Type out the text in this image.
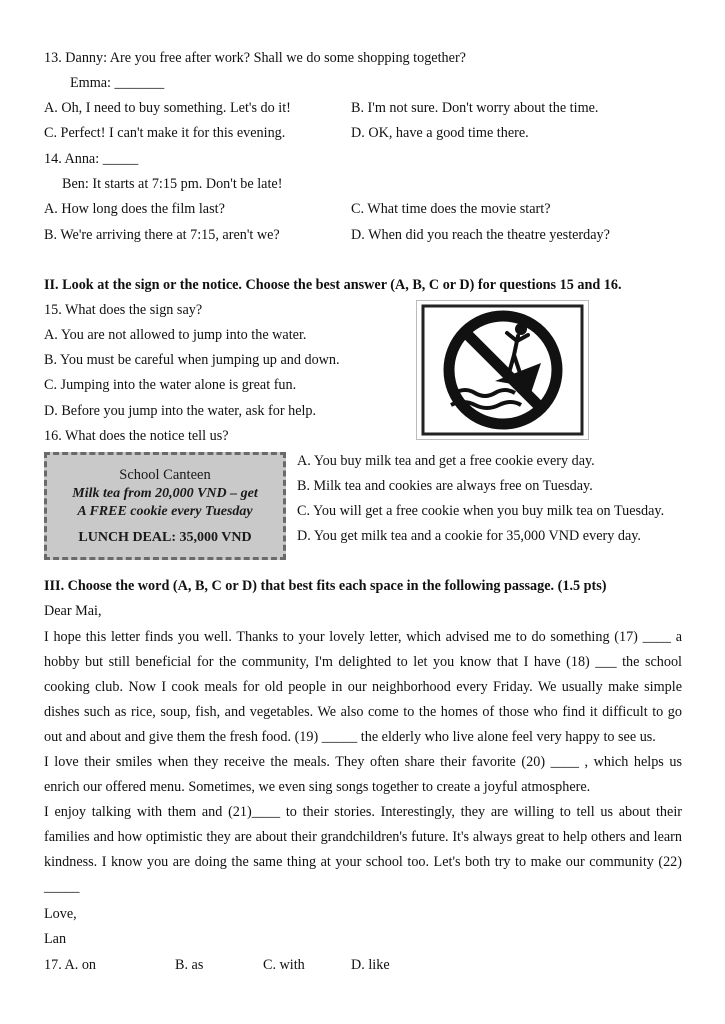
13. Danny: Are you free after work? Shall we do some shopping together?
Emma: _______
A. Oh, I need to buy something. Let's do it!	B. I'm not sure. Don't worry about the time.
C. Perfect! I can't make it for this evening.	D. OK, have a good time there.
14. Anna: _____
Ben: It starts at 7:15 pm. Don't be late!
A. How long does the film last?	C. What time does the movie start?
B. We're arriving there at 7:15, aren't we?	D. When did you reach the theatre yesterday?
II. Look at the sign or the notice. Choose the best answer (A, B, C or D) for questions 15 and 16.
15. What does the sign say?
A. You are not allowed to jump into the water.
B. You must be careful when jumping up and down.
C. Jumping into the water alone is great fun.
D. Before you jump into the water, ask for help.
16. What does the notice tell us?
School Canteen
Milk tea from 20,000 VND – get
A FREE cookie every Tuesday
LUNCH DEAL: 35,000 VND
A. You buy milk tea and get a free cookie every day.
B. Milk tea and cookies are always free on Tuesday.
C. You will get a free cookie when you buy milk tea on Tuesday.
D. You get milk tea and a cookie for 35,000 VND every day.
III. Choose the word (A, B, C or D) that best fits each space in the following passage. (1.5 pts)
Dear Mai,
I hope this letter finds you well. Thanks to your lovely letter, which advised me to do something (17) ____ a hobby but still beneficial for the community, I'm delighted to let you know that I have (18) ___ the school cooking club. Now I cook meals for old people in our neighborhood every Friday. We usually make simple dishes such as rice, soup, fish, and vegetables. We also come to the homes of those who find it difficult to go out and about and give them the fresh food. (19) _____ the elderly who live alone feel very happy to see us.
I love their smiles when they receive the meals. They often share their favorite (20) ____ , which helps us enrich our offered menu. Sometimes, we even sing songs together to create a joyful atmosphere.
I enjoy talking with them and (21)____ to their stories. Interestingly, they are willing to tell us about their families and how optimistic they are about their grandchildren's future. It's always great to help others and learn kindness. I know you are doing the same thing at your school too. Let's both try to make our community (22) _____
Love,
Lan
17. A. on	B. as	C. with	D. like
